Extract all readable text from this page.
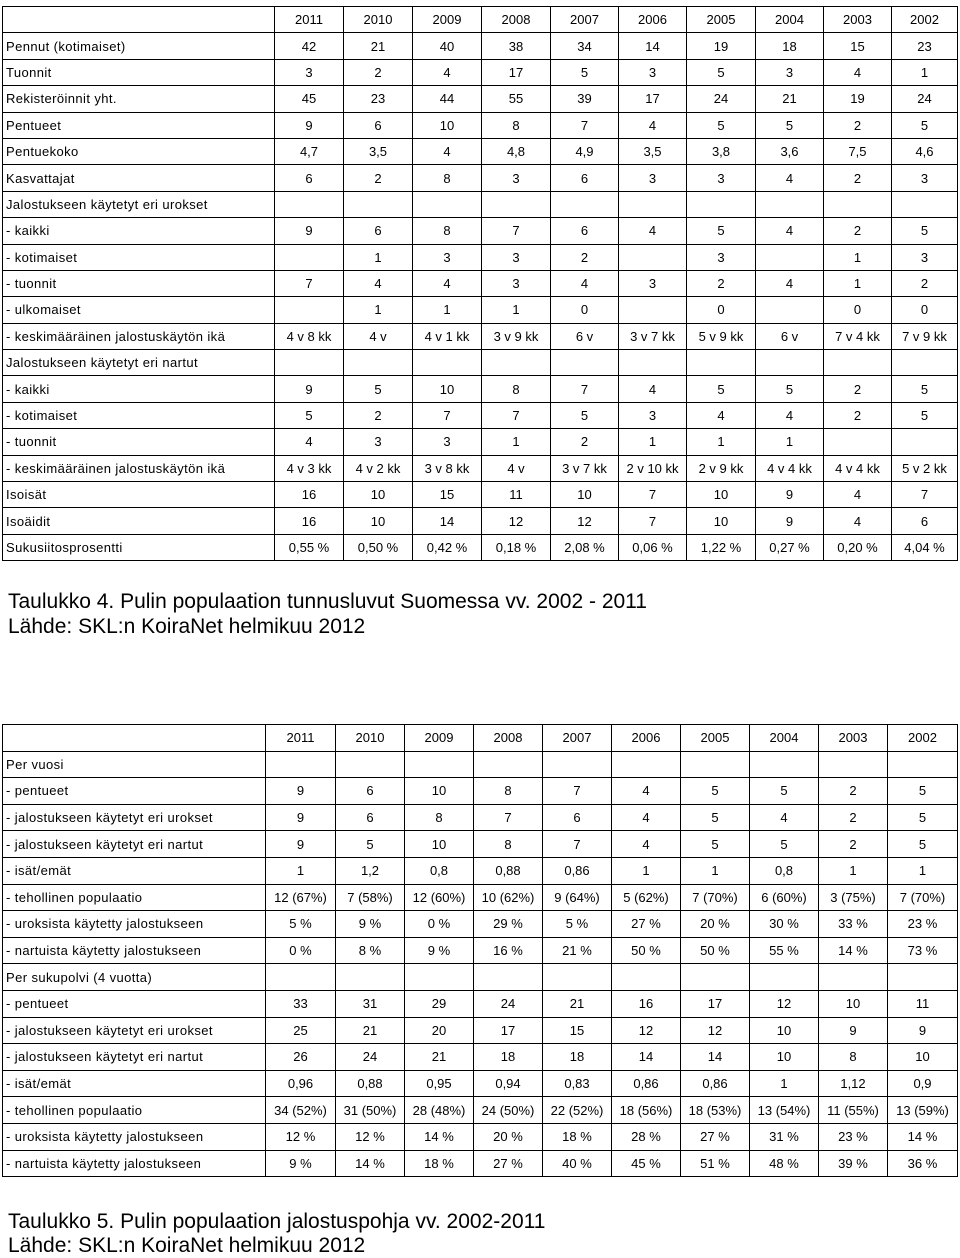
	2011	2010	2009	2008	2007	2006	2005	2004	2003	2002
Pennut (kotimaiset)	42	21	40	38	34	14	19	18	15	23
Tuonnit	3	2	4	17	5	3	5	3	4	1
Rekisteröinnit yht.	45	23	44	55	39	17	24	21	19	24
Pentueet	9	6	10	8	7	4	5	5	2	5
Pentuekoko	4,7	3,5	4	4,8	4,9	3,5	3,8	3,6	7,5	4,6
Kasvattajat	6	2	8	3	6	3	3	4	2	3
Jalostukseen käytetyt eri urokset										
- kaikki	9	6	8	7	6	4	5	4	2	5
- kotimaiset		1	3	3	2		3		1	3
- tuonnit	7	4	4	3	4	3	2	4	1	2
- ulkomaiset		1	1	1	0		0		0	0
- keskimääräinen jalostuskäytön ikä	4 v 8 kk	4 v	4 v 1 kk	3 v 9 kk	6 v	3 v 7 kk	5 v 9 kk	6 v	7 v 4 kk	7 v 9 kk
Jalostukseen käytetyt eri nartut										
- kaikki	9	5	10	8	7	4	5	5	2	5
- kotimaiset	5	2	7	7	5	3	4	4	2	5
- tuonnit	4	3	3	1	2	1	1	1		
- keskimääräinen jalostuskäytön ikä	4 v 3 kk	4 v 2 kk	3 v 8 kk	4 v	3 v 7 kk	2 v 10 kk	2 v 9 kk	4 v 4 kk	4 v 4 kk	5 v 2 kk
Isoisät	16	10	15	11	10	7	10	9	4	7
Isoäidit	16	10	14	12	12	7	10	9	4	6
Sukusiitosprosentti	0,55 %	0,50 %	0,42 %	0,18 %	2,08 %	0,06 %	1,22 %	0,27 %	0,20 %	4,04 %
Taulukko 4. Pulin populaation tunnusluvut Suomessa vv. 2002 - 2011
Lähde: SKL:n KoiraNet helmikuu 2012
	2011	2010	2009	2008	2007	2006	2005	2004	2003	2002
Per vuosi										
- pentueet	9	6	10	8	7	4	5	5	2	5
- jalostukseen käytetyt eri urokset	9	6	8	7	6	4	5	4	2	5
- jalostukseen käytetyt eri nartut	9	5	10	8	7	4	5	5	2	5
- isät/emät	1	1,2	0,8	0,88	0,86	1	1	0,8	1	1
- tehollinen populaatio	12 (67%)	7 (58%)	12 (60%)	10 (62%)	9 (64%)	5 (62%)	7 (70%)	6 (60%)	3 (75%)	7 (70%)
- uroksista käytetty jalostukseen	5 %	9 %	0 %	29 %	5 %	27 %	20 %	30 %	33 %	23 %
- nartuista käytetty jalostukseen	0 %	8 %	9 %	16 %	21 %	50 %	50 %	55 %	14 %	73 %
Per sukupolvi (4 vuotta)										
- pentueet	33	31	29	24	21	16	17	12	10	11
- jalostukseen käytetyt eri urokset	25	21	20	17	15	12	12	10	9	9
- jalostukseen käytetyt eri nartut	26	24	21	18	18	14	14	10	8	10
- isät/emät	0,96	0,88	0,95	0,94	0,83	0,86	0,86	1	1,12	0,9
- tehollinen populaatio	34 (52%)	31 (50%)	28 (48%)	24 (50%)	22 (52%)	18 (56%)	18 (53%)	13 (54%)	11 (55%)	13 (59%)
- uroksista käytetty jalostukseen	12 %	12 %	14 %	20 %	18 %	28 %	27 %	31 %	23 %	14 %
- nartuista käytetty jalostukseen	9 %	14 %	18 %	27 %	40 %	45 %	51 %	48 %	39 %	36 %
Taulukko 5. Pulin populaation jalostuspohja vv. 2002-2011
Lähde: SKL:n KoiraNet helmikuu 2012
